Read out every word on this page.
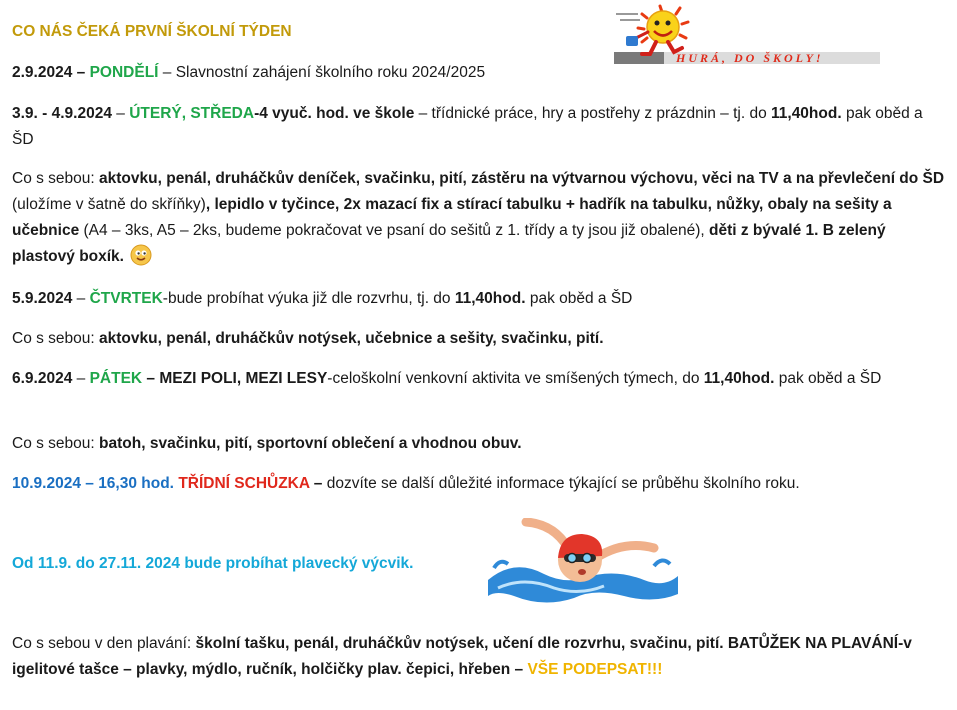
CO NÁS ČEKÁ PRVNÍ ŠKOLNÍ TÝDEN

HURÁ, DO ŠKOLY!

2.9.2024 – PONDĚLÍ – Slavnostní zahájení školního roku 2024/2025

3.9. - 4.9.2024 – ÚTERÝ, STŘEDA-4 vyuč. hod. ve škole – třídnické práce, hry a postřehy z prázdnin – tj. do 11,40hod. pak oběd a ŠD

Co s sebou: aktovku, penál, druháčkův deníček, svačinku, pití, zástěru na výtvarnou výchovu, věci na TV a na převlečení do ŠD (uložíme v šatně do skříňky), lepidlo v tyčince, 2x mazací fix a stírací tabulku + hadřík na tabulku, nůžky, obaly na sešity a učebnice (A4 – 3ks, A5 – 2ks, budeme pokračovat ve psaní do sešitů z 1. třídy a ty jsou již obalené), děti z bývalé 1. B zelený plastový boxík.

5.9.2024 – ČTVRTEK-bude probíhat výuka již dle rozvrhu, tj. do 11,40hod. pak oběd a ŠD

Co s sebou: aktovku, penál, druháčkův notýsek, učebnice a sešity, svačinku, pití.

6.9.2024 – PÁTEK – MEZI POLI, MEZI LESY-celoškolní venkovní aktivita ve smíšených týmech, do 11,40hod. pak oběd a ŠD

Co s sebou: batoh, svačinku, pití, sportovní oblečení a vhodnou obuv.

10.9.2024 – 16,30 hod. TŘÍDNÍ SCHŮZKA – dozvíte se další důležité informace týkající se průběhu školního roku.

Od 11.9. do 27.11. 2024 bude probíhat plavecký výcvik.

Co s sebou v den plavání: školní tašku, penál, druháčkův notýsek, učení dle rozvrhu, svačinu, pití. BATŮŽEK NA PLAVÁNÍ-v igelitové tašce – plavky, mýdlo, ručník, holčičky plav. čepici, hřeben – VŠE PODEPSAT!!!
